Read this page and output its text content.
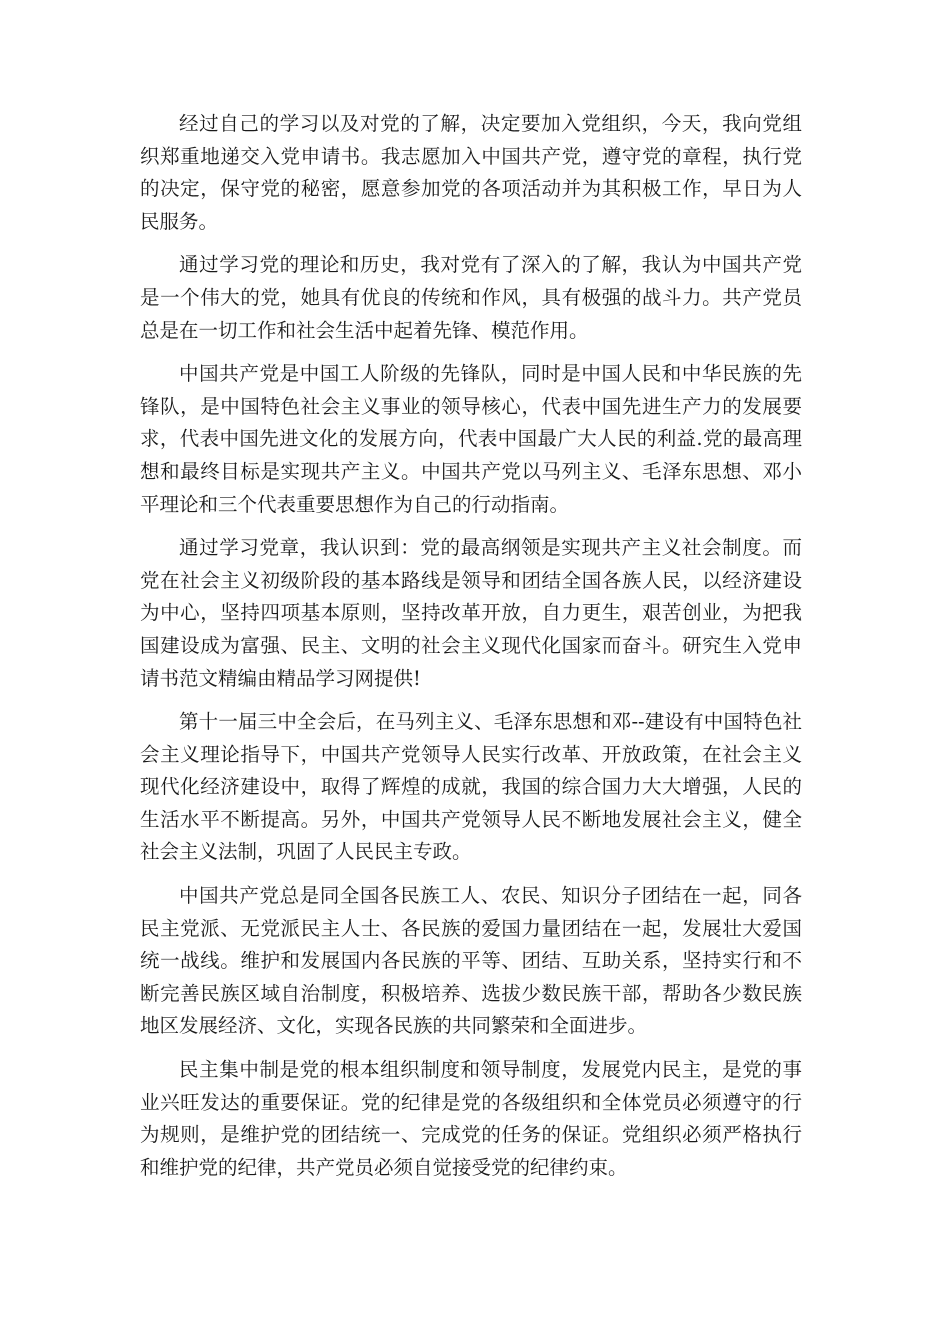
经过自己的学习以及对党的了解，决定要加入党组织，今天，我向党组织郑重地递交入党申请书。我志愿加入中国共产党，遵守党的章程，执行党的决定，保守党的秘密，愿意参加党的各项活动并为其积极工作，早日为人民服务。

通过学习党的理论和历史，我对党有了深入的了解，我认为中国共产党是一个伟大的党，她具有优良的传统和作风，具有极强的战斗力。共产党员总是在一切工作和社会生活中起着先锋、模范作用。

中国共产党是中国工人阶级的先锋队，同时是中国人民和中华民族的先锋队，是中国特色社会主义事业的领导核心，代表中国先进生产力的发展要求，代表中国先进文化的发展方向，代表中国最广大人民的利益.党的最高理想和最终目标是实现共产主义。中国共产党以马列主义、毛泽东思想、邓小平理论和三个代表重要思想作为自己的行动指南。

通过学习党章，我认识到：党的最高纲领是实现共产主义社会制度。而党在社会主义初级阶段的基本路线是领导和团结全国各族人民，以经济建设为中心，坚持四项基本原则，坚持改革开放，自力更生，艰苦创业，为把我国建设成为富强、民主、文明的社会主义现代化国家而奋斗。研究生入党申请书范文精编由精品学习网提供!

第十一届三中全会后，在马列主义、毛泽东思想和邓--建设有中国特色社会主义理论指导下，中国共产党领导人民实行改革、开放政策，在社会主义现代化经济建设中，取得了辉煌的成就，我国的综合国力大大增强，人民的生活水平不断提高。另外，中国共产党领导人民不断地发展社会主义，健全社会主义法制，巩固了人民民主专政。

中国共产党总是同全国各民族工人、农民、知识分子团结在一起，同各民主党派、无党派民主人士、各民族的爱国力量团结在一起，发展壮大爱国统一战线。维护和发展国内各民族的平等、团结、互助关系，坚持实行和不断完善民族区域自治制度，积极培养、选拔少数民族干部，帮助各少数民族地区发展经济、文化，实现各民族的共同繁荣和全面进步。

民主集中制是党的根本组织制度和领导制度，发展党内民主，是党的事业兴旺发达的重要保证。党的纪律是党的各级组织和全体党员必须遵守的行为规则，是维护党的团结统一、完成党的任务的保证。党组织必须严格执行和维护党的纪律，共产党员必须自觉接受党的纪律约束。
